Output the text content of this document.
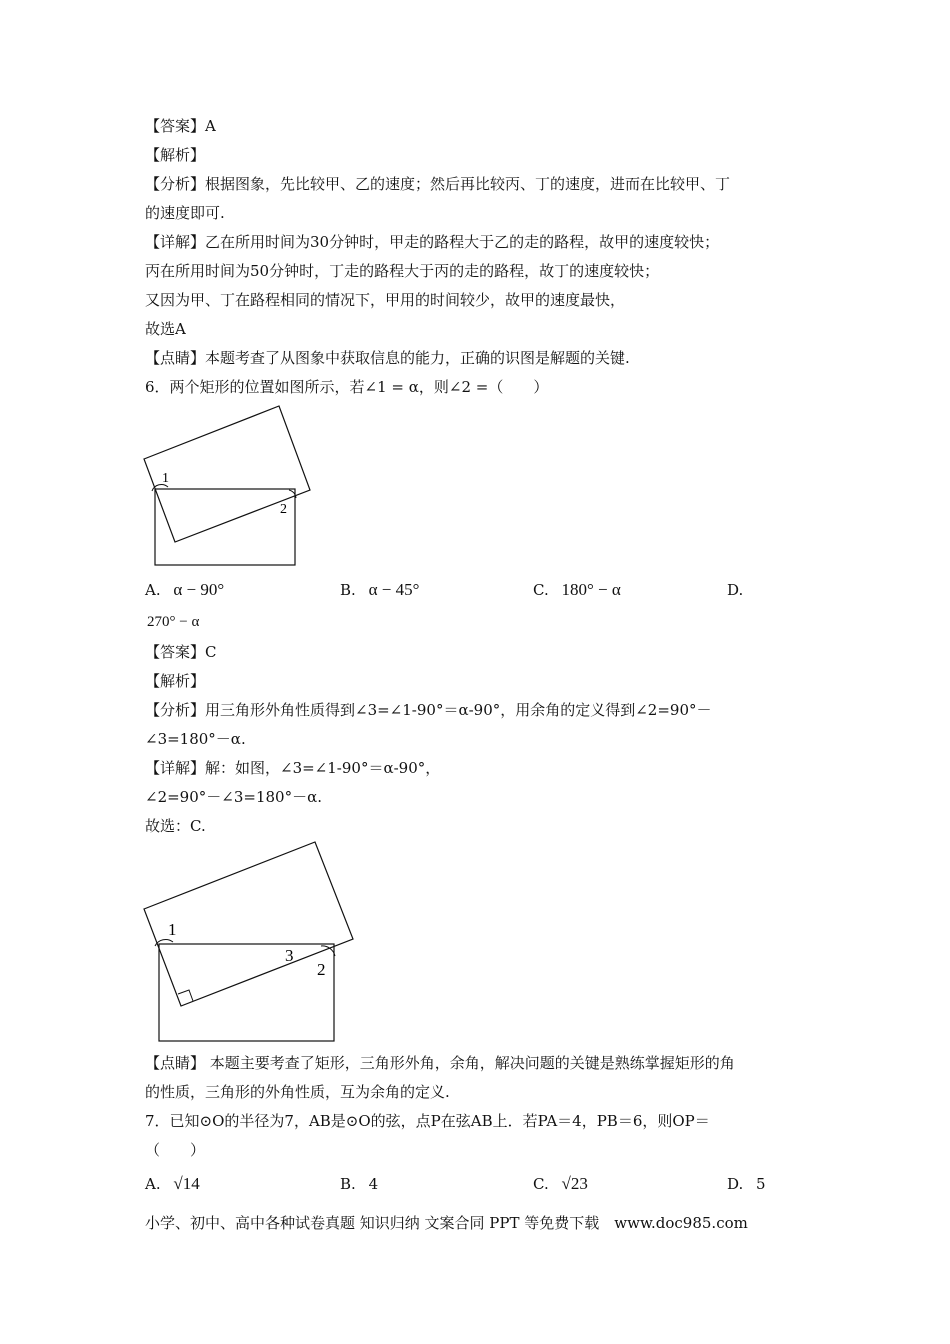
【答案】A
【解析】
【分析】根据图象，先比较甲、乙的速度；然后再比较丙、丁的速度，进而在比较甲、丁
的速度即可.
【详解】乙在所用时间为30分钟时，甲走的路程大于乙的走的路程，故甲的速度较快；
丙在所用时间为50分钟时，丁走的路程大于丙的走的路程，故丁的速度较快；
又因为甲、丁在路程相同的情况下，甲用的时间较少，故甲的速度最快，
故选A
【点睛】本题考查了从图象中获取信息的能力，正确的识图是解题的关键.
6．两个矩形的位置如图所示，若∠1 = α，则∠2 =（　　）
1
2
A. α − 90°	B. α − 45°	C. 180° − α	D.
270° − α
【答案】C
【解析】
【分析】用三角形外角性质得到∠3=∠1-90°＝α-90°，用余角的定义得到∠2=90°－
∠3=180°－α.
【详解】解：如图，∠3=∠1-90°＝α-90°，
∠2=90°－∠3=180°－α.
故选：C.
1
3
2
【点睛】 本题主要考查了矩形，三角形外角，余角，解决问题的关键是熟练掌握矩形的角
的性质，三角形的外角性质，互为余角的定义.
7．已知⊙O的半径为7，AB是⊙O的弦，点P在弦AB上．若PA＝4，PB＝6，则OP＝
（　　）
A. √14	B. 4	C. √23	D. 5
小学、初中、高中各种试卷真题 知识归纳 文案合同 PPT 等免费下载　www.doc985.com
